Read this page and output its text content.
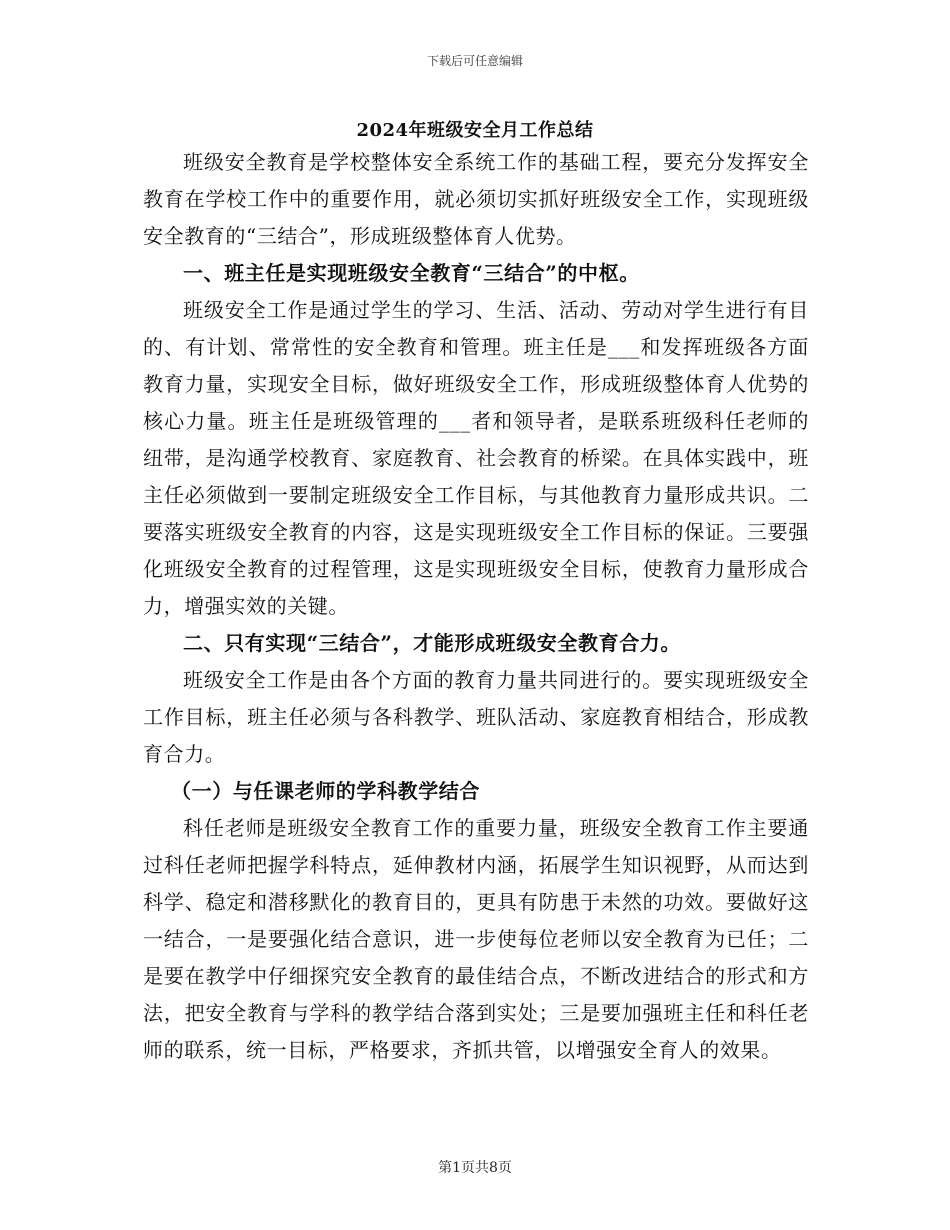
下载后可任意编辑
2024年班级安全月工作总结

班级安全教育是学校整体安全系统工作的基础工程，要充分发挥安全教育在学校工作中的重要作用，就必须切实抓好班级安全工作，实现班级安全教育的“三结合”，形成班级整体育人优势。

一、班主任是实现班级安全教育“三结合”的中枢。

班级安全工作是通过学生的学习、生活、活动、劳动对学生进行有目的、有计划、常常性的安全教育和管理。班主任是___和发挥班级各方面教育力量，实现安全目标，做好班级安全工作，形成班级整体育人优势的核心力量。班主任是班级管理的___者和领导者，是联系班级科任老师的纽带，是沟通学校教育、家庭教育、社会教育的桥梁。在具体实践中，班主任必须做到一要制定班级安全工作目标，与其他教育力量形成共识。二要落实班级安全教育的内容，这是实现班级安全工作目标的保证。三要强化班级安全教育的过程管理，这是实现班级安全目标，使教育力量形成合力，增强实效的关键。

二、只有实现“三结合”，才能形成班级安全教育合力。

班级安全工作是由各个方面的教育力量共同进行的。要实现班级安全工作目标，班主任必须与各科教学、班队活动、家庭教育相结合，形成教育合力。

（一）与任课老师的学科教学结合

科任老师是班级安全教育工作的重要力量，班级安全教育工作主要通过科任老师把握学科特点，延伸教材内涵，拓展学生知识视野，从而达到科学、稳定和潜移默化的教育目的，更具有防患于未然的功效。要做好这一结合，一是要强化结合意识，进一步使每位老师以安全教育为已任；二是要在教学中仔细探究安全教育的最佳结合点，不断改进结合的形式和方法，把安全教育与学科的教学结合落到实处；三是要加强班主任和科任老师的联系，统一目标，严格要求，齐抓共管，以增强安全育人的效果。

第1页共8页
